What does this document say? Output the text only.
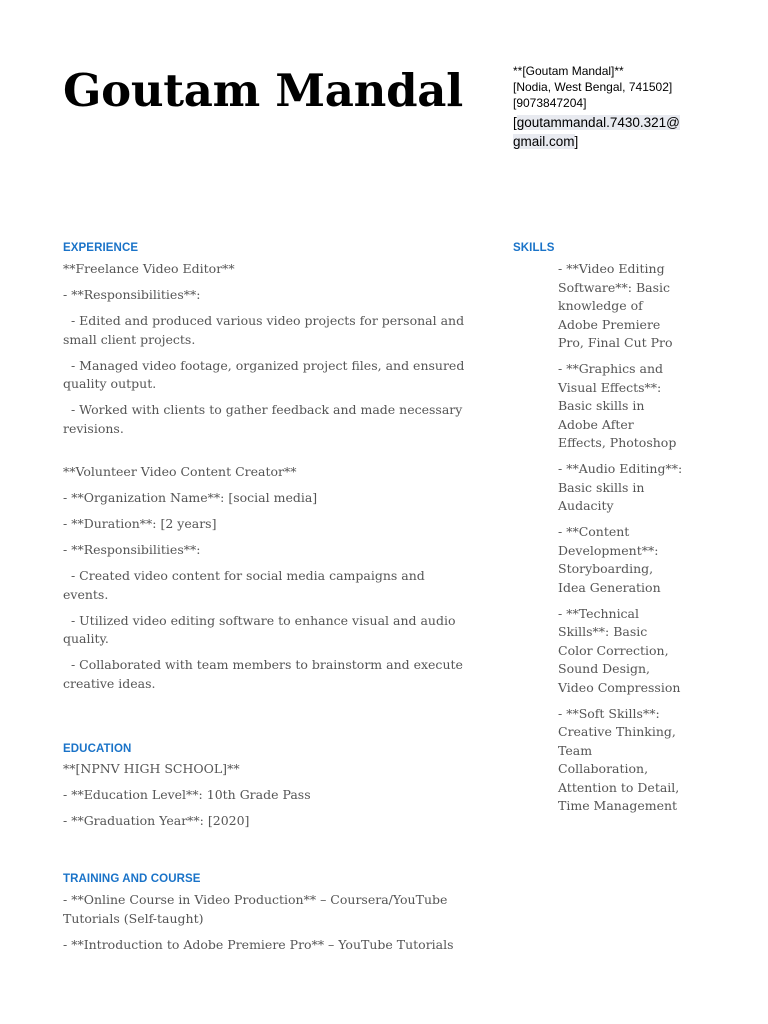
Goutam Mandal	**[Goutam Mandal]**
[Nodia, West Bengal, 741502]
[9073847204]
[goutammandal.7430.321@gmail.com]
EXPERIENCE

**Freelance Video Editor**

- **Responsibilities**:

- Edited and produced various video projects for personal and small client projects.

- Managed video footage, organized project files, and ensured quality output.

- Worked with clients to gather feedback and made necessary revisions.

**Volunteer Video Content Creator**

- **Organization Name**: [social media]

- **Duration**: [2 years]

- **Responsibilities**:

- Created video content for social media campaigns and events.

- Utilized video editing software to enhance visual and audio quality.

- Collaborated with team members to brainstorm and execute creative ideas.

EDUCATION

**[NPNV HIGH SCHOOL]**

- **Education Level**: 10th Grade Pass

- **Graduation Year**: [2020]

TRAINING AND COURSE

- **Online Course in Video Production** – Coursera/YouTube Tutorials (Self-taught)

- **Introduction to Adobe Premiere Pro** – YouTube Tutorials

SKILLS

- **Video Editing Software**: Basic knowledge of Adobe Premiere Pro, Final Cut Pro

- **Graphics and Visual Effects**: Basic skills in Adobe After Effects, Photoshop

- **Audio Editing**: Basic skills in Audacity

- **Content Development**: Storyboarding, Idea Generation

- **Technical Skills**: Basic Color Correction, Sound Design, Video Compression

- **Soft Skills**: Creative Thinking, Team Collaboration, Attention to Detail, Time Management
